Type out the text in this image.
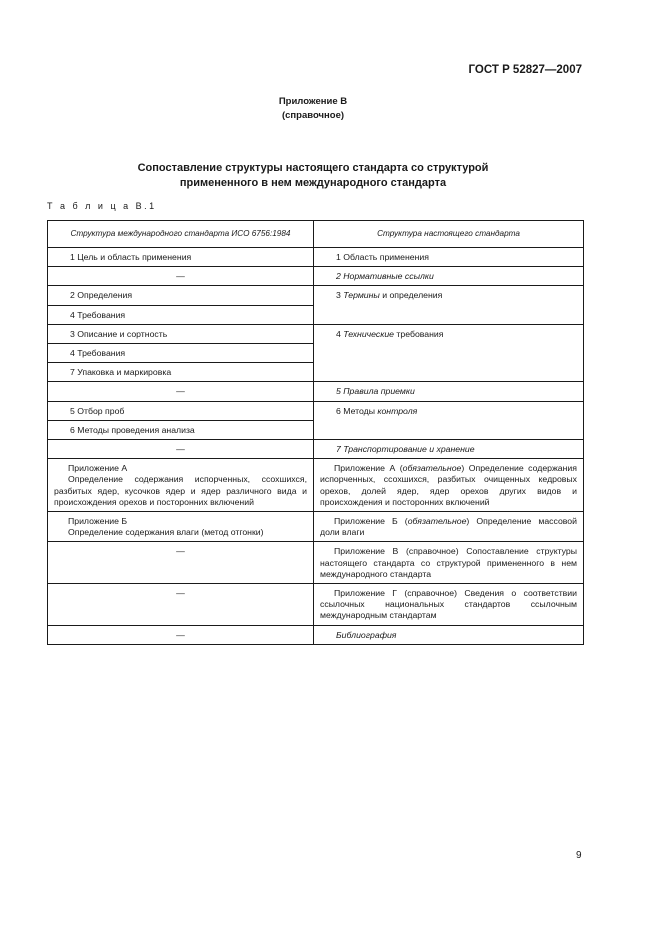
ГОСТ Р 52827—2007
Приложение В
(справочное)
Сопоставление структуры настоящего стандарта со структурой
примененного в нем международного стандарта
Т а б л и ц а В.1
Структура международного стандарта ИСО 6756:1984	Структура настоящего стандарта
1 Цель и область применения	1 Область применения
—	2 Нормативные ссылки
2 Определения	3 Термины и определения
4 Требования	
3 Описание и сортность	4 Технические требования
4 Требования	
7 Упаковка и маркировка	
—	5 Правила приемки
5 Отбор проб	6 Методы контроля
6 Методы проведения анализа	
—	7 Транспортирование и хранение

Приложение А
Определение содержания испорченных, ссохшихся, разбитых ядер, кусочков ядер и ядер различного вида и происхождения орехов и посторонних включений	Приложение А (обязательное) Определение содержания испорченных, ссохшихся, разбитых очищенных кедровых орехов, долей ядер, ядер орехов других видов и происхождения и посторонних включений

Приложение Б
Определение содержания влаги (метод отгонки)	Приложение Б (обязательное) Определение массовой доли влаги
—	Приложение В (справочное) Сопоставление структуры настоящего стандарта со структурой примененного в нем международного стандарта
—	Приложение Г (справочное) Сведения о соответствии ссылочных национальных стандартов ссылочным международным стандартам
—	Библиография
9
